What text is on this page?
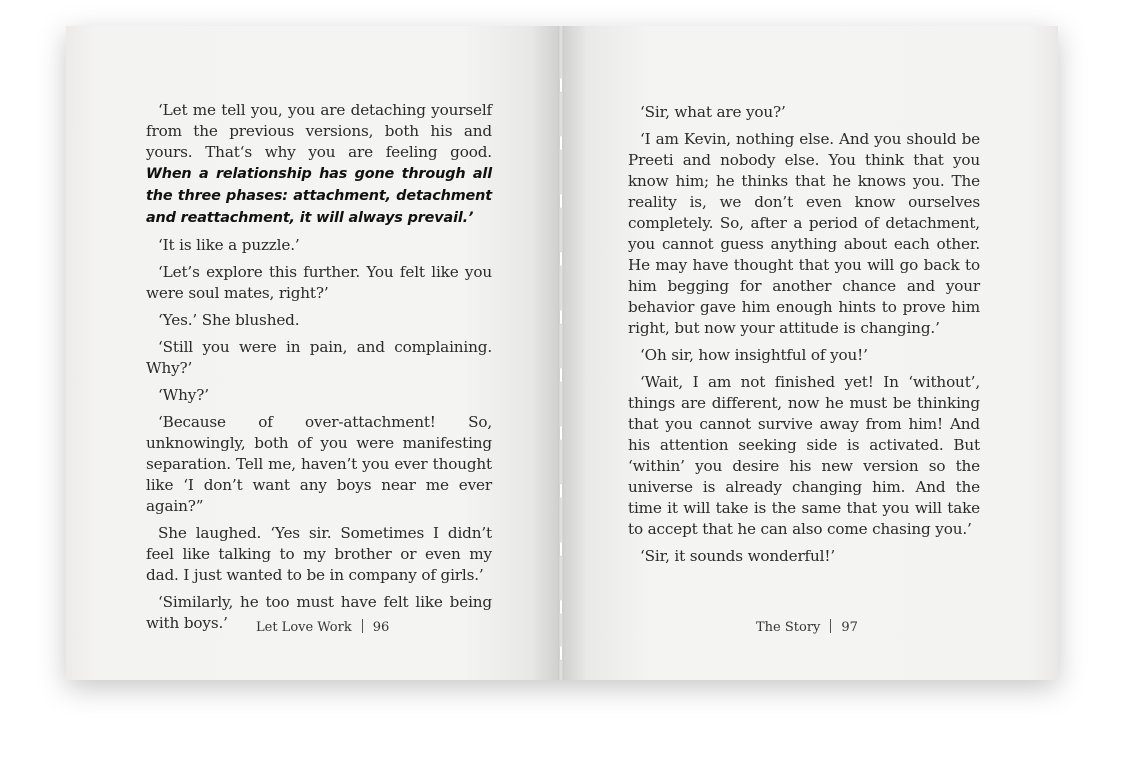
‘Let me tell you, you are detaching yourself from the previous versions, both his and yours. That‘s why you are feeling good. When a relationship has gone through all the three phases: attachment, detachment and reattachment, it will always prevail.’

‘It is like a puzzle.’

‘Let’s explore this further. You felt like you were soul mates, right?’

‘Yes.’ She blushed.

‘Still you were in pain, and complaining. Why?’

‘Why?’

‘Because of over-attachment! So, unknowingly, both of you were manifesting separation. Tell me, haven’t you ever thought like ‘I don’t want any boys near me ever again?”

She laughed. ‘Yes sir. Sometimes I didn’t feel like talking to my brother or even my dad. I just wanted to be in company of girls.’

‘Similarly, he too must have felt like being with boys.’

‘Sir, what are you?’

‘I am Kevin, nothing else. And you should be Preeti and nobody else. You think that you know him; he thinks that he knows you. The reality is, we don’t even know ourselves completely. So, after a period of detachment, you cannot guess anything about each other. He may have thought that you will go back to him begging for another chance and your behavior gave him enough hints to prove him right, but now your attitude is changing.’

‘Oh sir, how insightful of you!’

‘Wait, I am not finished yet! In ‘without’, things are different, now he must be thinking that you cannot survive away from him! And his attention seeking side is activated. But ‘within’ you desire his new version so the universe is already changing him. And the time it will take is the same that you will take to accept that he can also come chasing you.’

‘Sir, it sounds wonderful!’

Let Love Work 96	The Story 97
